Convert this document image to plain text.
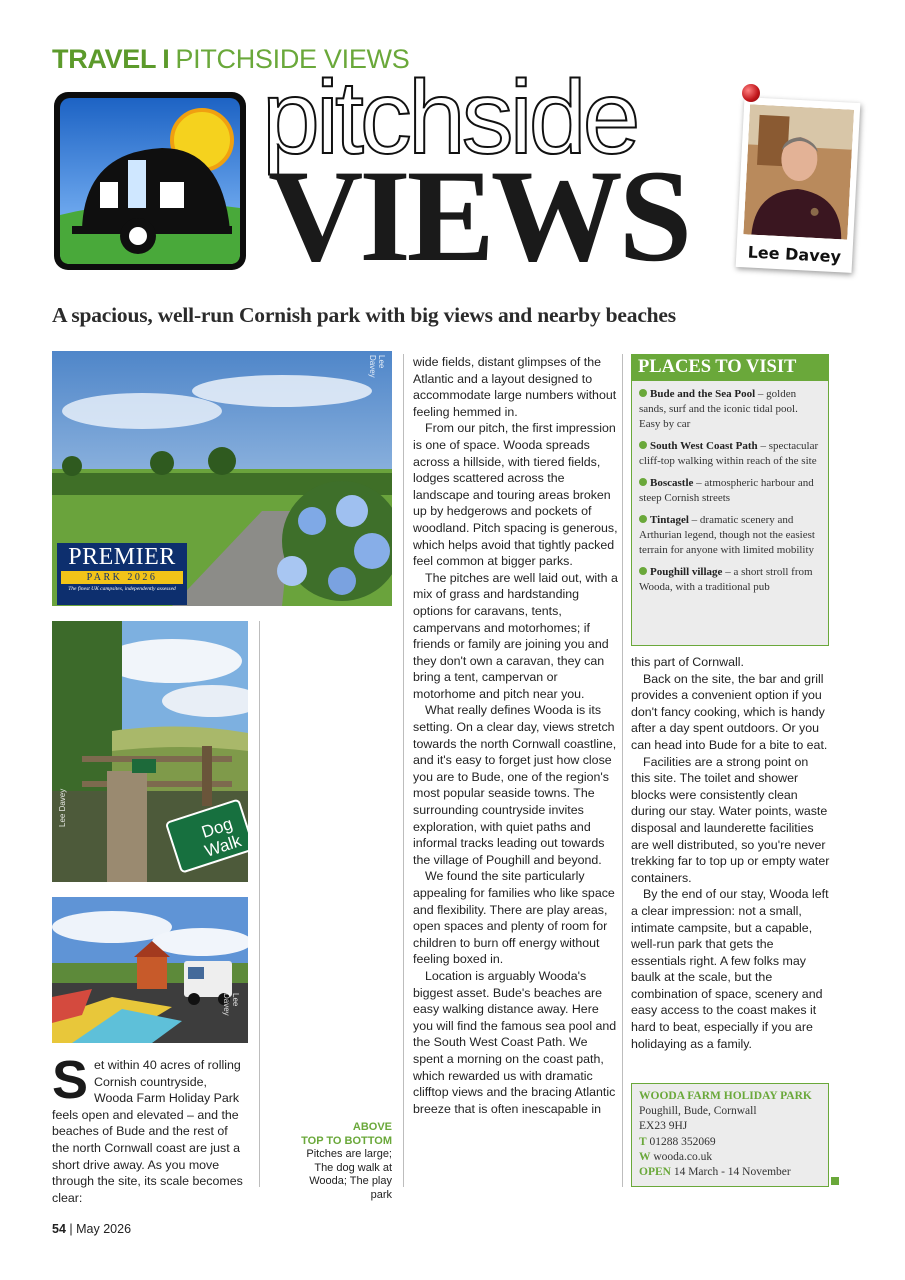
TRAVEL I PITCHSIDE VIEWS
pitchside
VIEWS	Lee Davey
A spacious, well-run Cornish park with big views and nearby beaches
Lee Davey
PREMIER
PARK 2026
The finest UK campsites, independently assessed
Dog Walk
Lee Davey
Lee Davey

Set within 40 acres of rolling Cornish countryside, Wooda Farm Holiday Park feels open and elevated – and the beaches of Bude and the rest of the north Cornwall coast are just a short drive away. As you move through the site, its scale becomes clear:

ABOVE
TOP TO BOTTOM
Pitches are large; The dog walk at Wooda; The play park

wide fields, distant glimpses of the Atlantic and a layout designed to accommodate large numbers without feeling hemmed in.

From our pitch, the first impression is one of space. Wooda spreads across a hillside, with tiered fields, lodges scattered across the landscape and touring areas broken up by hedgerows and pockets of woodland. Pitch spacing is generous, which helps avoid that tightly packed feel common at bigger parks.

The pitches are well laid out, with a mix of grass and hardstanding options for caravans, tents, campervans and motorhomes; if friends or family are joining you and they don't own a caravan, they can bring a tent, campervan or motorhome and pitch near you.

What really defines Wooda is its setting. On a clear day, views stretch towards the north Cornwall coastline, and it's easy to forget just how close you are to Bude, one of the region's most popular seaside towns. The surrounding countryside invites exploration, with quiet paths and informal tracks leading out towards the village of Poughill and beyond.

We found the site particularly appealing for families who like space and flexibility. There are play areas, open spaces and plenty of room for children to burn off energy without feeling boxed in.

Location is arguably Wooda's biggest asset. Bude's beaches are easy walking distance away. Here you will find the famous sea pool and the South West Coast Path. We spent a morning on the coast path, which rewarded us with dramatic clifftop views and the bracing Atlantic breeze that is often inescapable in

PLACES TO VISIT
Bude and the Sea Pool – golden sands, surf and the iconic tidal pool. Easy by car
South West Coast Path – spectacular cliff-top walking within reach of the site
Boscastle – atmospheric harbour and steep Cornish streets
Tintagel – dramatic scenery and Arthurian legend, though not the easiest terrain for anyone with limited mobility
Poughill village – a short stroll from Wooda, with a traditional pub

this part of Cornwall.

Back on the site, the bar and grill provides a convenient option if you don't fancy cooking, which is handy after a day spent outdoors. Or you can head into Bude for a bite to eat.

Facilities are a strong point on this site. The toilet and shower blocks were consistently clean during our stay. Water points, waste disposal and launderette facilities are well distributed, so you're never trekking far to top up or empty water containers.

By the end of our stay, Wooda left a clear impression: not a small, intimate campsite, but a capable, well-run park that gets the essentials right. A few folks may baulk at the scale, but the combination of space, scenery and easy access to the coast makes it hard to beat, especially if you are holidaying as a family.

WOODA FARM HOLIDAY PARK
Poughill, Bude, Cornwall
EX23 9HJ
T 01288 352069
W wooda.co.uk
OPEN 14 March - 14 November
54 | May 2026
